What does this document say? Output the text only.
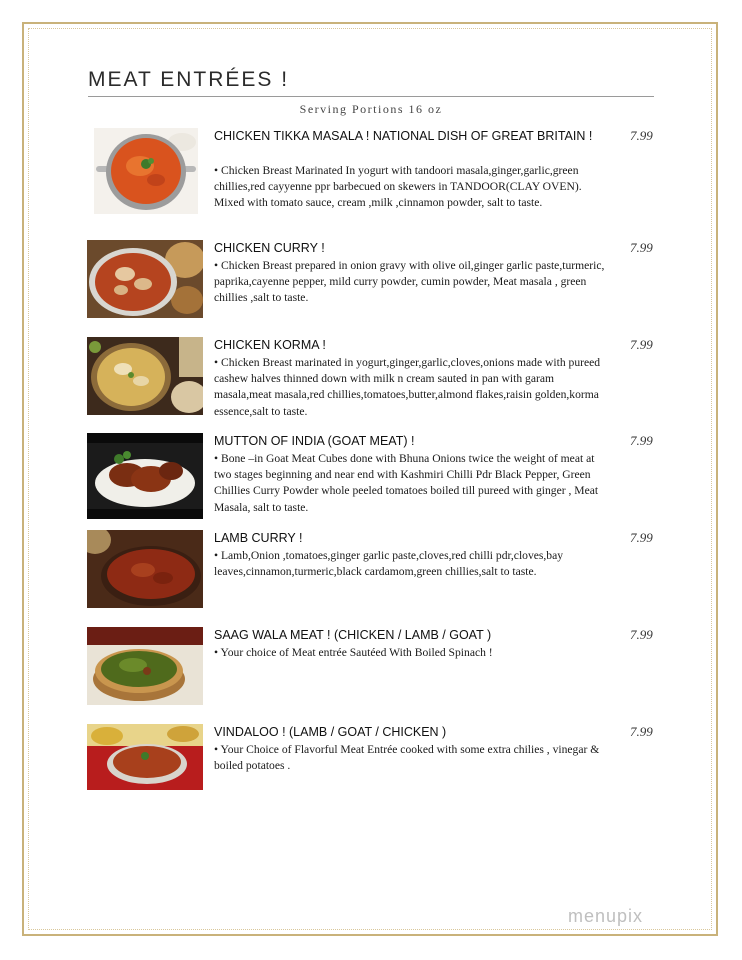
MEAT ENTRÉES !
Serving Portions 16 oz
CHICKEN TIKKA MASALA ! NATIONAL DISH OF GREAT BRITAIN !	7.99
• Chicken Breast Marinated In yogurt with tandoori masala,ginger,garlic,green chillies,red cayyenne ppr barbecued on skewers in TANDOOR(CLAY OVEN). Mixed with tomato sauce, cream ,milk ,cinnamon powder, salt to taste.
CHICKEN CURRY !	7.99
• Chicken Breast prepared in onion gravy with olive oil,ginger garlic paste,turmeric, paprika,cayenne pepper, mild curry powder, cumin powder, Meat masala , green chillies ,salt to taste.
CHICKEN KORMA !	7.99
• Chicken Breast marinated in yogurt,ginger,garlic,cloves,onions made with pureed cashew halves thinned down with milk n cream sauted in pan with garam masala,meat masala,red chillies,tomatoes,butter,almond flakes,raisin golden,korma essence,salt to taste.
MUTTON OF INDIA (GOAT MEAT) !	7.99
• Bone –in Goat Meat Cubes done with Bhuna Onions twice the weight of meat at two stages beginning and near end with Kashmiri Chilli Pdr Black Pepper, Green Chillies Curry Powder whole peeled tomatoes boiled till pureed with ginger , Meat Masala, salt to taste.
LAMB CURRY !	7.99
• Lamb,Onion ,tomatoes,ginger garlic paste,cloves,red chilli pdr,cloves,bay leaves,cinnamon,turmeric,black cardamom,green chillies,salt to taste.
SAAG WALA MEAT ! (CHICKEN / LAMB / GOAT )	7.99
• Your choice of Meat entrée Sautéed With Boiled Spinach !
VINDALOO ! (LAMB / GOAT / CHICKEN )	7.99
• Your Choice of Flavorful Meat Entrée cooked with some extra chilies , vinegar & boiled potatoes .
menupix
